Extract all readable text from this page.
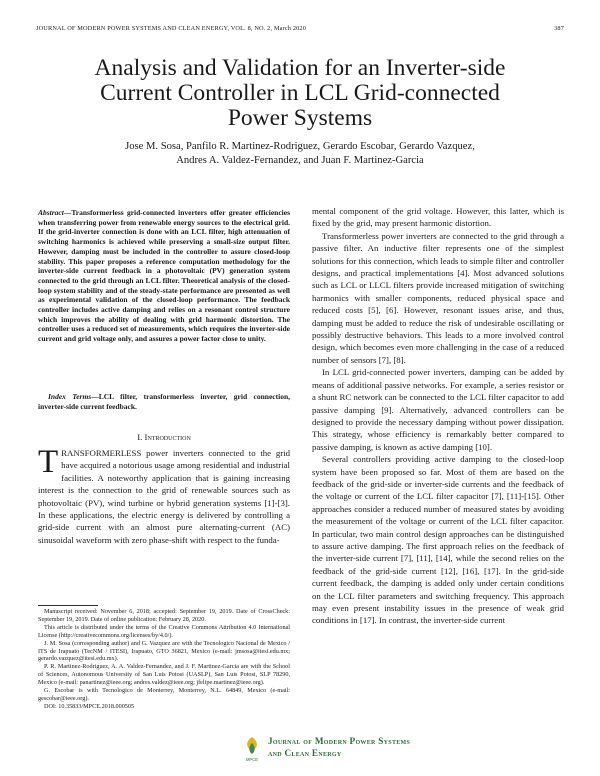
JOURNAL OF MODERN POWER SYSTEMS AND CLEAN ENERGY, VOL. 8, NO. 2, March 2020	387
Analysis and Validation for an Inverter-side
Current Controller in LCL Grid-connected
Power Systems
Jose M. Sosa, Panfilo R. Martinez-Rodriguez, Gerardo Escobar, Gerardo Vazquez,
Andres A. Valdez-Fernandez, and Juan F. Martinez-Garcia
Abstract—Transformerless grid-connected inverters offer greater efficiencies when transferring power from renewable energy sources to the electrical grid. If the grid-inverter connection is done with an LCL filter, high attenuation of switching harmonics is achieved while preserving a small-size output filter. However, damping must be included in the controller to assure closed-loop stability. This paper proposes a reference computation methodology for the inverter-side current feedback in a photovoltaic (PV) generation system connected to the grid through an LCL filter. Theoretical analysis of the closed-loop system stability and of the steady-state performance are presented as well as experimental validation of the closed-loop performance. The feedback controller includes active damping and relies on a resonant control structure which improves the ability of dealing with grid harmonic distortion. The controller uses a reduced set of measurements, which requires the inverter-side current and grid voltage only, and assures a power factor close to unity.
Index Terms—LCL filter, transformerless inverter, grid connection, inverter-side current feedback.
I. Introduction
TRANSFORMERLESS power inverters connected to the grid have acquired a notorious usage among residential and industrial facilities. A noteworthy application that is gaining increasing interest is the connection to the grid of renewable sources such as photovoltaic (PV), wind turbine or hybrid generation systems [1]-[3]. In these applications, the electric energy is delivered by controlling a grid-side current with an almost pure alternating-current (AC) sinusoidal waveform with zero phase-shift with respect to the funda-
Manuscript received: November 6, 2018; accepted: September 19, 2019. Date of CrossCheck: September 19, 2019. Date of online publication: February 28, 2020.
This article is distributed under the terms of the Creative Commons Attribution 4.0 International License (http://creativecommons.org/licenses/by/4.0/).
J. M. Sosa (corresponding author) and G. Vazquez are with the Tecnologico Nacional de Mexico / ITS de Irapuato (TecNM / ITESI), Irapuato, GTO 36821, Mexico (e-mail: jmsosa@itesi.edu.mx; gerardo.vazquez@itesi.edu.mx).
P. R. Martinez-Rodriguez, A. A. Valdez-Fernandez, and J. F. Martinez-Garcia are with the School of Sciences, Autonomous University of San Luis Potosi (UASLP), San Luis Potosi, SLP 78290, Mexico (e-mail: panartinez@ieee.org; andres.valdez@ieee.org; jfelipe.martinez@ieee.org).
G. Escobar is with Tecnologico de Monterrey, Monterrey, N.L. 64849, Mexico (e-mail: gescobar@ieee.org).
DOI: 10.35833/MPCE.2018.000505

mental component of the grid voltage. However, this latter, which is fixed by the grid, may present harmonic distortion.

Transformerless power inverters are connected to the grid through a passive filter. An inductive filter represents one of the simplest solutions for this connection, which leads to simple filter and controller designs, and practical implementations [4]. Most advanced solutions such as LCL or LLCL filters provide increased mitigation of switching harmonics with smaller components, reduced physical space and reduced costs [5], [6]. However, resonant issues arise, and thus, damping must be added to reduce the risk of undesirable oscillating or possibly destructive behaviors. This leads to a more involved control design, which becomes even more challenging in the case of a reduced number of sensors [7], [8].

In LCL grid-connected power inverters, damping can be added by means of additional passive networks. For example, a series resistor or a shunt RC network can be connected to the LCL filter capacitor to add passive damping [9]. Alternatively, advanced controllers can be designed to provide the necessary damping without power dissipation. This strategy, whose efficiency is remarkably better compared to passive damping, is known as active damping [10].

Several controllers providing active damping to the closed-loop system have been proposed so far. Most of them are based on the feedback of the grid-side or inverter-side currents and the feedback of the voltage or current of the LCL filter capacitor [7], [11]-[15]. Other approaches consider a reduced number of measured states by avoiding the measurement of the voltage or current of the LCL filter capacitor. In particular, two main control design approaches can be distinguished to assure active damping. The first approach relies on the feedback of the inverter-side current [7], [11], [14], while the second relies on the feedback of the grid-side current [12], [16], [17]. In the grid-side current feedback, the damping is added only under certain conditions on the LCL filter parameters and switching frequency. This approach may even present instability issues in the presence of weak grid conditions in [17]. In contrast, the inverter-side current

MPCE
Journal of Modern Power Systems
and Clean Energy
